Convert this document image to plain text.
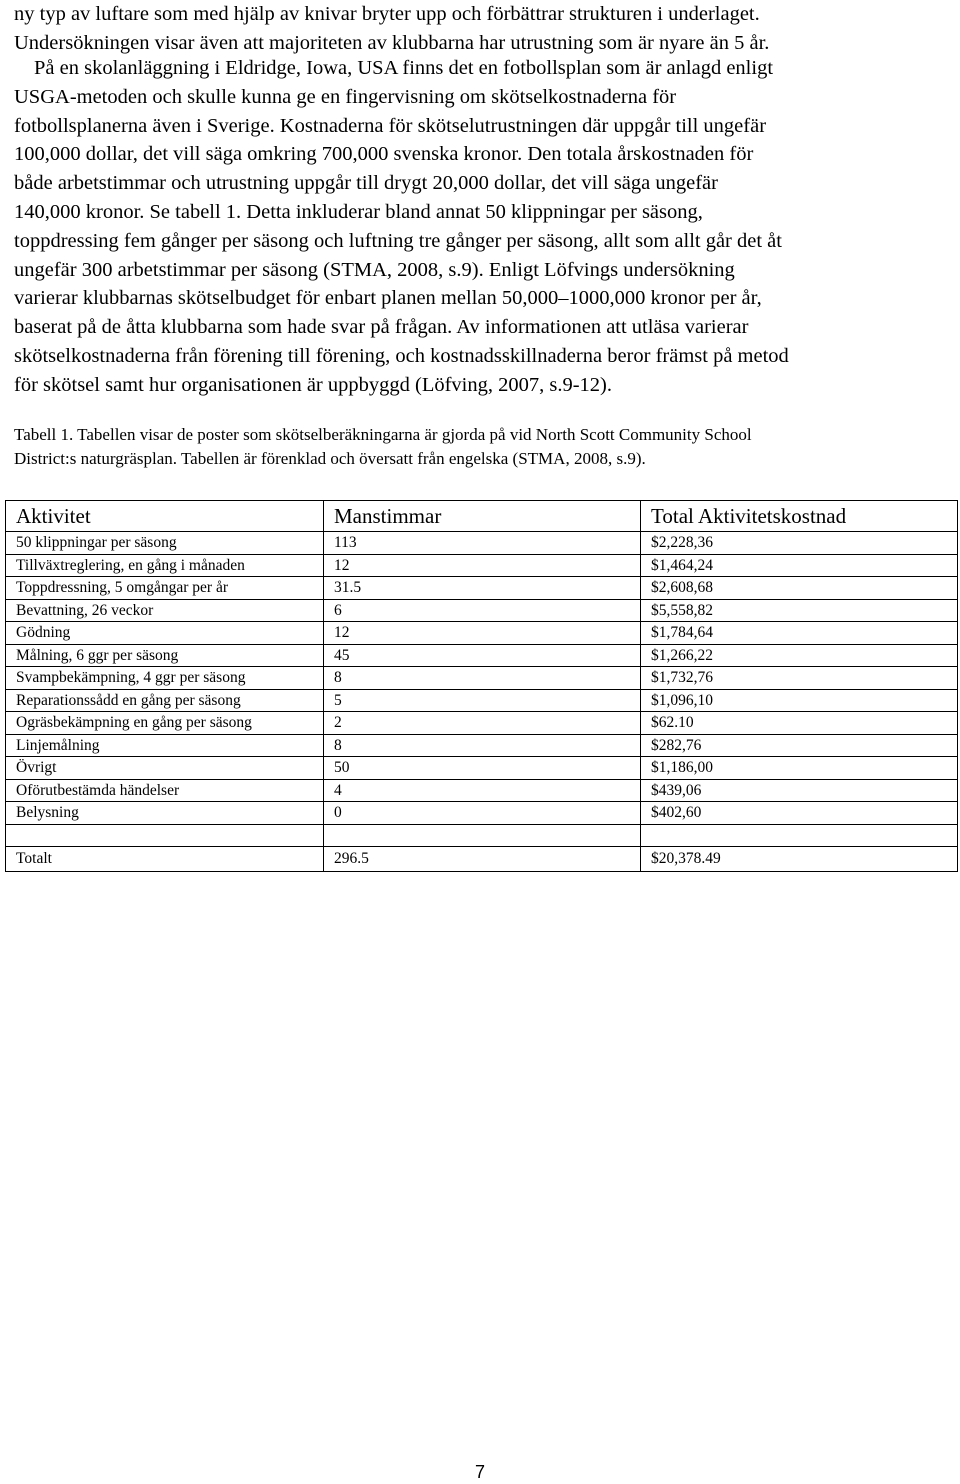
ny typ av luftare som med hjälp av knivar bryter upp och förbättrar strukturen i underlaget.
Undersökningen visar även att majoriteten av klubbarna har utrustning som är nyare än 5 år.

På en skolanläggning i Eldridge, Iowa, USA finns det en fotbollsplan som är anlagd enligt
USGA-metoden och skulle kunna ge en fingervisning om skötselkostnaderna för
fotbollsplanerna även i Sverige. Kostnaderna för skötselutrustningen där uppgår till ungefär
100,000 dollar, det vill säga omkring 700,000 svenska kronor. Den totala årskostnaden för
både arbetstimmar och utrustning uppgår till drygt 20,000 dollar, det vill säga ungefär
140,000 kronor. Se tabell 1. Detta inkluderar bland annat 50 klippningar per säsong,
toppdressing fem gånger per säsong och luftning tre gånger per säsong, allt som allt går det åt
ungefär 300 arbetstimmar per säsong (STMA, 2008, s.9). Enligt Löfvings undersökning
varierar klubbarnas skötselbudget för enbart planen mellan 50,000–1000,000 kronor per år,
baserat på de åtta klubbarna som hade svar på frågan. Av informationen att utläsa varierar
skötselkostnaderna från förening till förening, och kostnadsskillnaderna beror främst på metod
för skötsel samt hur organisationen är uppbyggd (Löfving, 2007, s.9-12).

Tabell 1. Tabellen visar de poster som skötselberäkningarna är gjorda på vid North Scott Community School
District:s naturgräsplan. Tabellen är förenklad och översatt från engelska (STMA, 2008, s.9).

Aktivitet	Manstimmar	Total Aktivitetskostnad
50 klippningar per säsong	113	$2,228,36
Tillväxtreglering, en gång i månaden	12	$1,464,24
Toppdressning, 5 omgångar per år	31.5	$2,608,68
Bevattning, 26 veckor	6	$5,558,82
Gödning	12	$1,784,64
Målning, 6 ggr per säsong	45	$1,266,22
Svampbekämpning, 4 ggr per säsong	8	$1,732,76
Reparationssådd en gång per säsong	5	$1,096,10
Ogräsbekämpning en gång per säsong	2	$62.10
Linjemålning	8	$282,76
Övrigt	50	$1,186,00
Oförutbestämda händelser	4	$439,06
Belysning	0	$402,60

Totalt	296.5	$20,378.49
7
